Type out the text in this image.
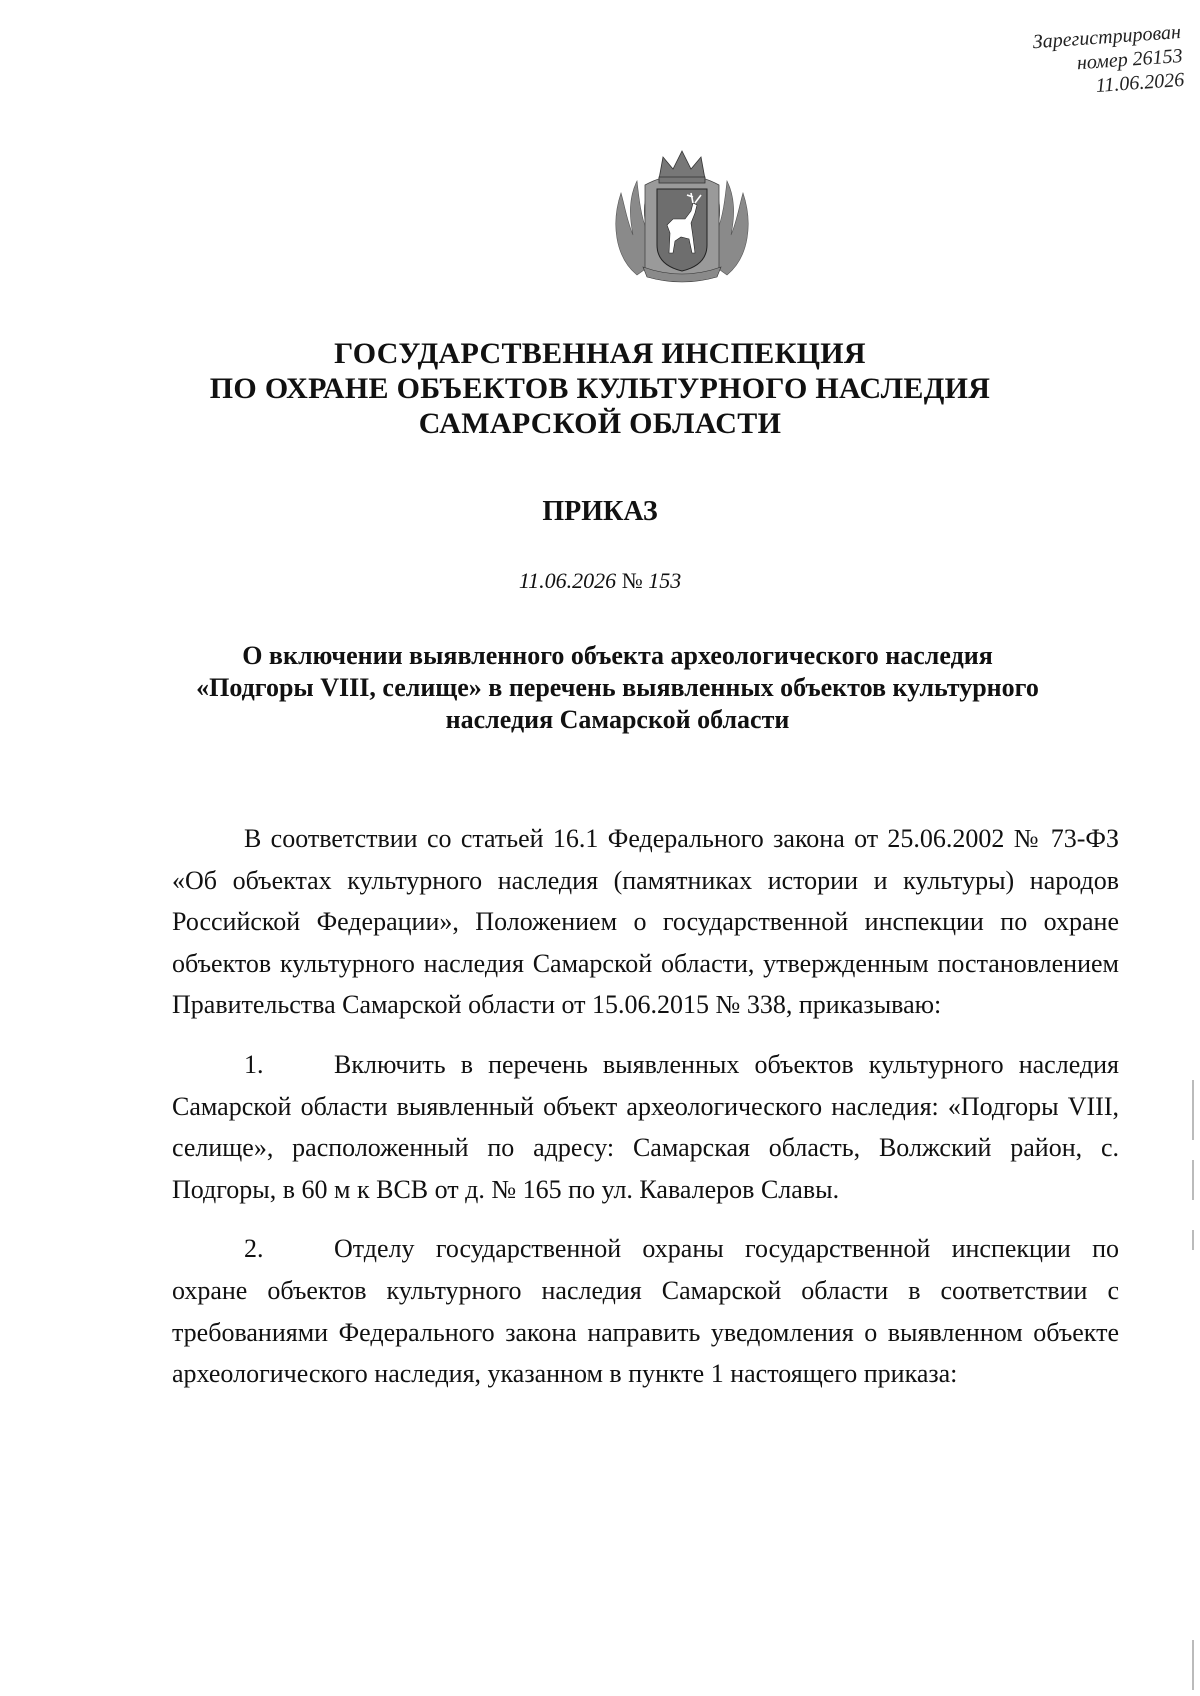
Зарегистрирован
номер 26153
11.06.2026
ГОСУДАРСТВЕННАЯ ИНСПЕКЦИЯ
ПО ОХРАНЕ ОБЪЕКТОВ КУЛЬТУРНОГО НАСЛЕДИЯ
САМАРСКОЙ ОБЛАСТИ
ПРИКАЗ
11.06.2026 № 153
О включении выявленного объекта археологического наследия
«Подгоры VIII, селище» в перечень выявленных объектов культурного
наследия Самарской области

В соответствии со статьей 16.1 Федерального закона от 25.06.2002 № 73-ФЗ «Об объектах культурного наследия (памятниках истории и культуры) народов Российской Федерации», Положением о государственной инспекции по охране объектов культурного наследия Самарской области, утвержденным постановлением Правительства Самарской области от 15.06.2015 № 338, приказываю:

1.	Включить в перечень выявленных объектов культурного наследия Самарской области выявленный объект археологического наследия: «Подгоры VIII, селище», расположенный по адресу: Самарская область, Волжский район, с. Подгоры, в 60 м к ВСВ от д. № 165 по ул. Кавалеров Славы.

2.	Отделу государственной охраны государственной инспекции по охране объектов культурного наследия Самарской области в соответствии с требованиями Федерального закона направить уведомления о выявленном объекте археологического наследия, указанном в пункте 1 настоящего приказа:
